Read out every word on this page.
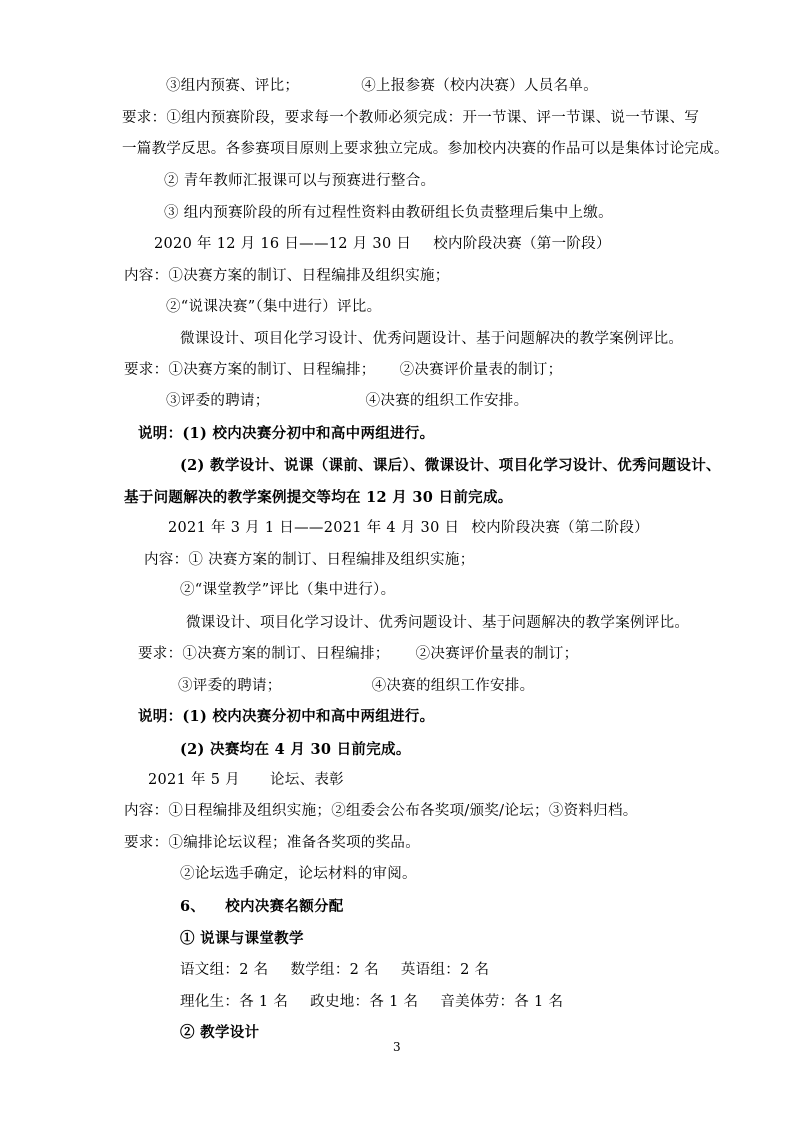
③组内预赛、评比；	④上报参赛（校内决赛）人员名单。
要求：①组内预赛阶段，要求每一个教师必须完成：开一节课、评一节课、说一节课、写
一篇教学反思。各参赛项目原则上要求独立完成。参加校内决赛的作品可以是集体讨论完成。
② 青年教师汇报课可以与预赛进行整合。
③ 组内预赛阶段的所有过程性资料由教研组长负责整理后集中上缴。
2020 年 12 月 16 日——12 月 30 日 校内阶段决赛（第一阶段）
内容：①决赛方案的制订、日程编排及组织实施；
②“说课决赛”（集中进行）评比。
微课设计、项目化学习设计、优秀问题设计、基于问题解决的教学案例评比。
要求：①决赛方案的制订、日程编排； ②决赛评价量表的制订；
③评委的聘请；	④决赛的组织工作安排。
说明：(1) 校内决赛分初中和高中两组进行。
(2) 教学设计、说课（课前、课后）、微课设计、项目化学习设计、优秀问题设计、
基于问题解决的教学案例提交等均在 12 月 30 日前完成。
2021 年 3 月 1 日——2021 年 4 月 30 日 校内阶段决赛（第二阶段）
内容：① 决赛方案的制订、日程编排及组织实施；
②“课堂教学”评比（集中进行）。
微课设计、项目化学习设计、优秀问题设计、基于问题解决的教学案例评比。
要求：①决赛方案的制订、日程编排； ②决赛评价量表的制订；
③评委的聘请；	④决赛的组织工作安排。
说明：(1) 校内决赛分初中和高中两组进行。
(2) 决赛均在 4 月 30 日前完成。
2021 年 5 月 论坛、表彰
内容：①日程编排及组织实施；②组委会公布各奖项/颁奖/论坛；③资料归档。
要求：①编排论坛议程；准备各奖项的奖品。
②论坛选手确定，论坛材料的审阅。
6、 校内决赛名额分配
① 说课与课堂教学
语文组：2 名 数学组：2 名 英语组：2 名
理化生：各 1 名 政史地：各 1 名 音美体劳：各 1 名
② 教学设计
3
